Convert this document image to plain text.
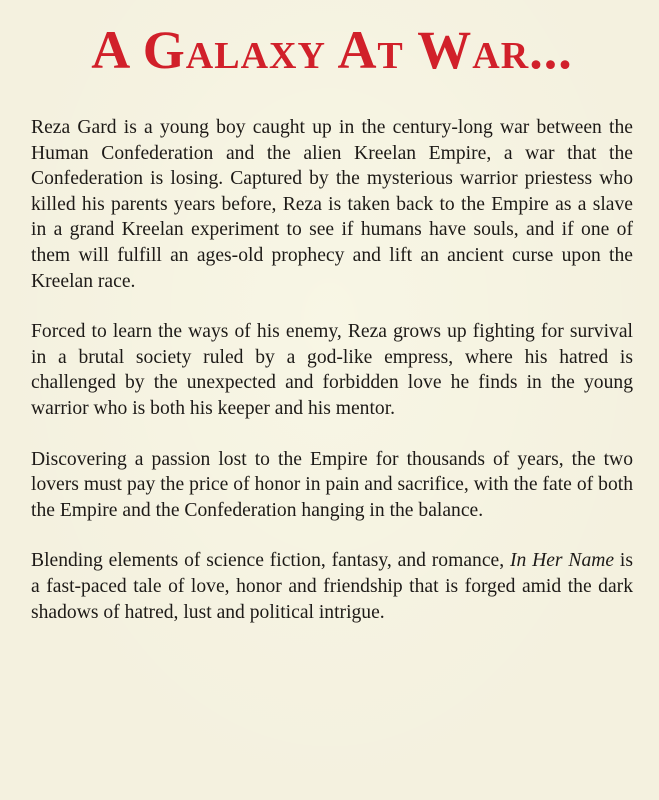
A Galaxy At War...

Reza Gard is a young boy caught up in the century-long war between the Human Confederation and the alien Kreelan Empire, a war that the Confederation is losing. Captured by the mysterious warrior priestess who killed his parents years before, Reza is taken back to the Empire as a slave in a grand Kreelan experiment to see if humans have souls, and if one of them will fulfill an ages-old prophecy and lift an ancient curse upon the Kreelan race.

Forced to learn the ways of his enemy, Reza grows up fighting for survival in a brutal society ruled by a god-like empress, where his hatred is challenged by the unexpected and forbidden love he finds in the young warrior who is both his keeper and his mentor.

Discovering a passion lost to the Empire for thousands of years, the two lovers must pay the price of honor in pain and sacrifice, with the fate of both the Empire and the Confederation hanging in the balance.

Blending elements of science fiction, fantasy, and romance, In Her Name is a fast-paced tale of love, honor and friendship that is forged amid the dark shadows of hatred, lust and political intrigue.
